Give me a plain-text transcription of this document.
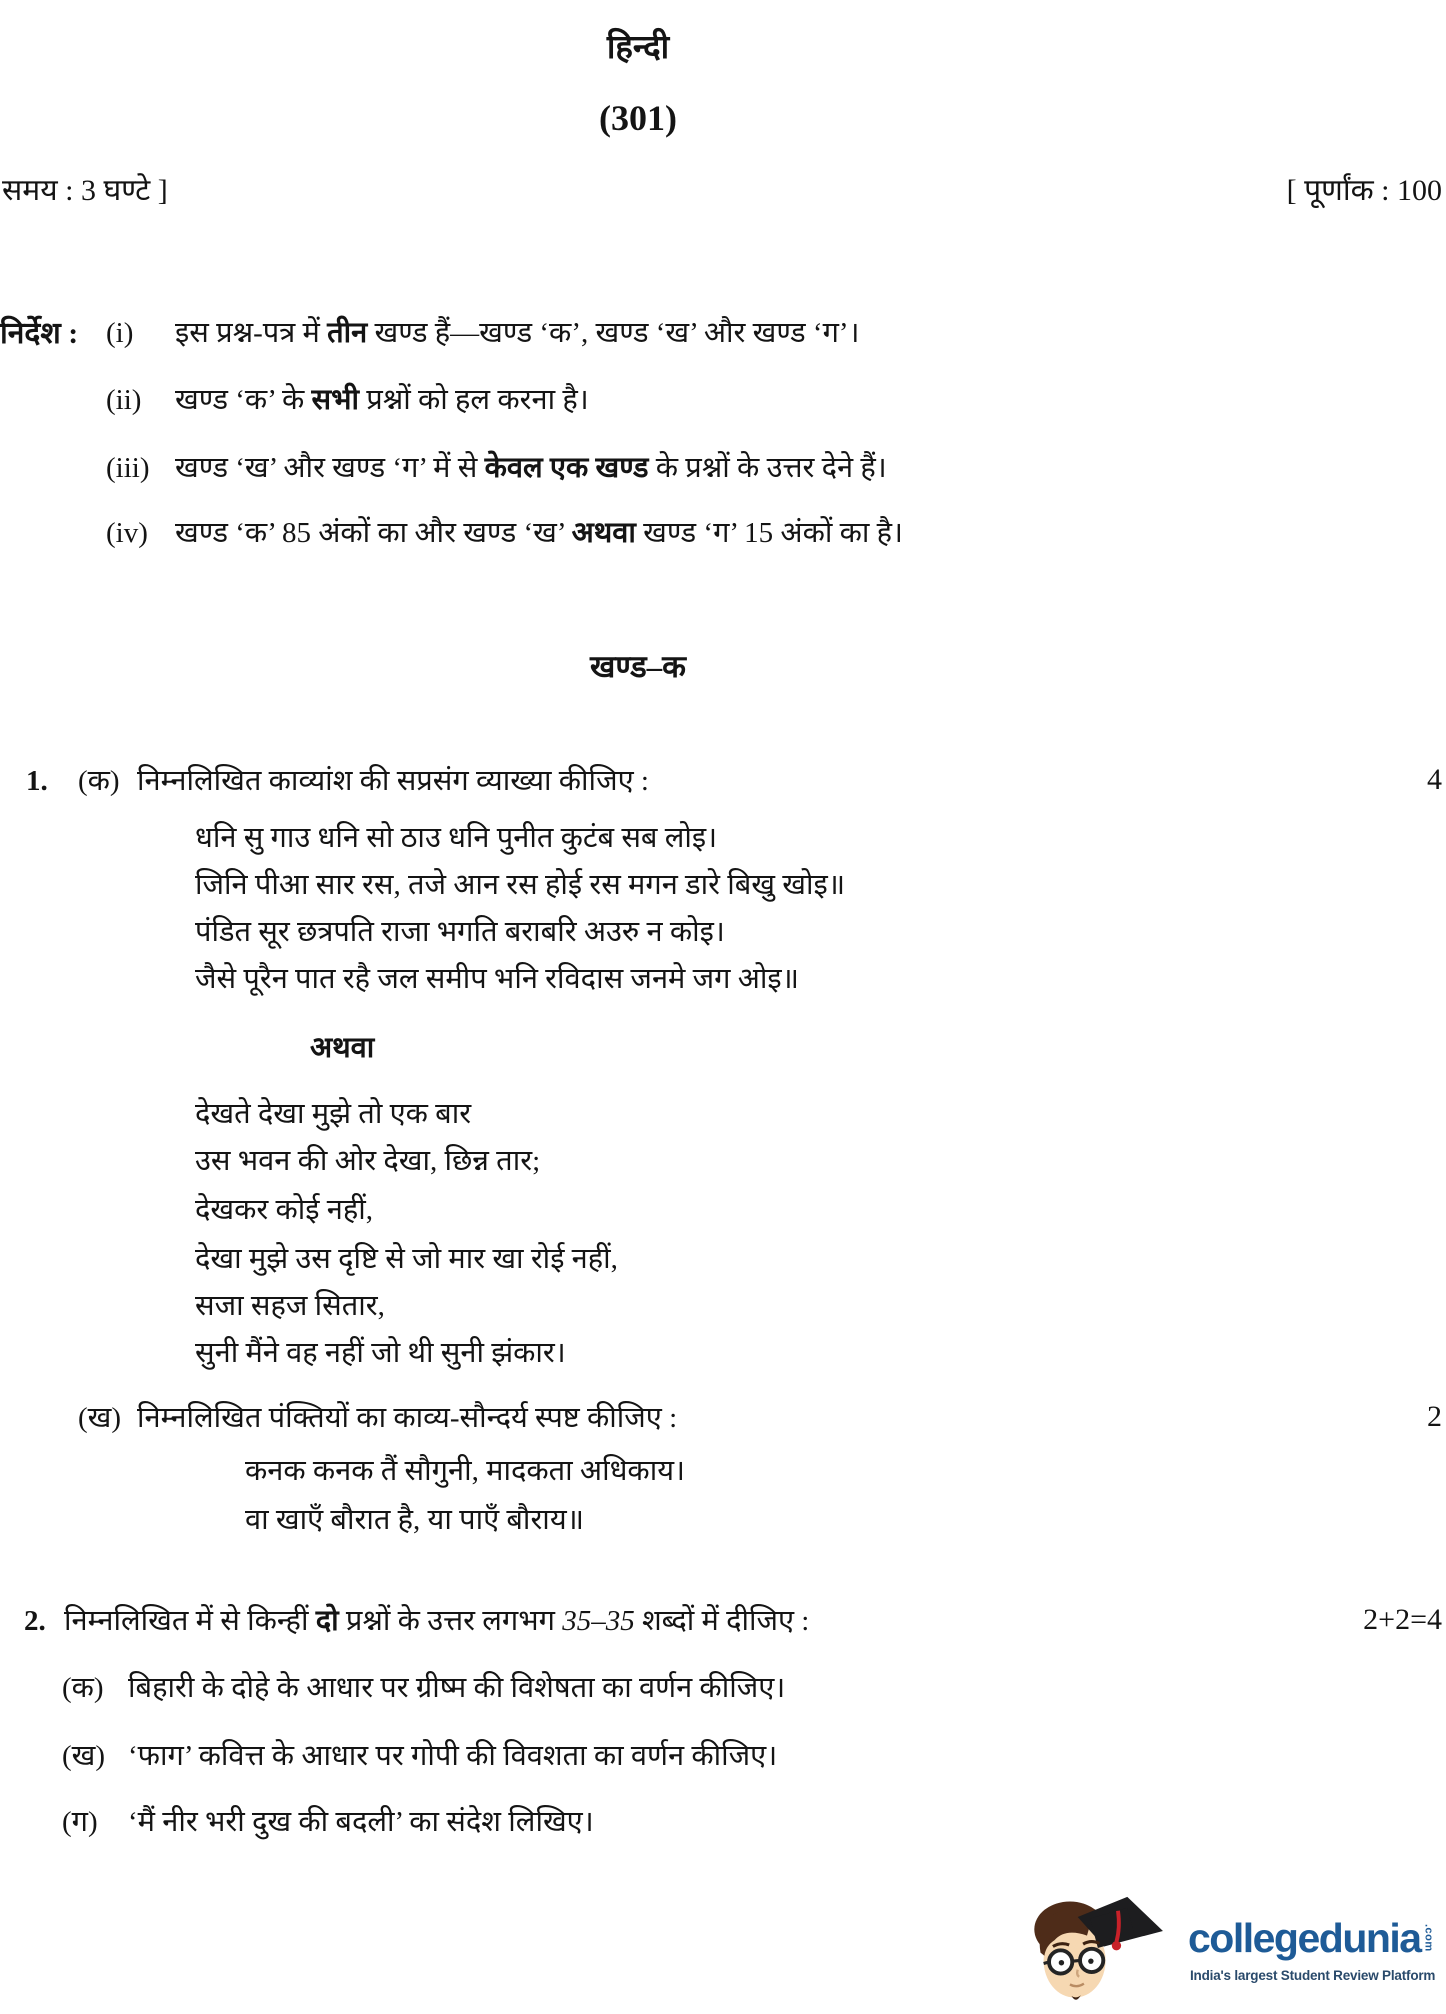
हिन्दी
(301)
समय : 3 घण्टे ]	[ पूर्णांक : 100
निर्देश : (i) इस प्रश्न-पत्र में तीन खण्ड हैं—खण्ड ‘क’, खण्ड ‘ख’ और खण्ड ‘ग’।
(ii) खण्ड ‘क’ के सभी प्रश्नों को हल करना है।
(iii) खण्ड ‘ख’ और खण्ड ‘ग’ में से केवल एक खण्ड के प्रश्नों के उत्तर देने हैं।
(iv) खण्ड ‘क’ 85 अंकों का और खण्ड ‘ख’ अथवा खण्ड ‘ग’ 15 अंकों का है।
खण्ड–क
1. (क) निम्नलिखित काव्यांश की सप्रसंग व्याख्या कीजिए :	4
धनि सु गाउ धनि सो ठाउ धनि पुनीत कुटंब सब लोइ।
जिनि पीआ सार रस, तजे आन रस होई रस मगन डारे बिखु खोइ॥
पंडित सूर छत्रपति राजा भगति बराबरि अउरु न कोइ।
जैसे पूरैन पात रहै जल समीप भनि रविदास जनमे जग ओइ॥
अथवा
देखते देखा मुझे तो एक बार
उस भवन की ओर देखा, छिन्न तार;
देखकर कोई नहीं,
देखा मुझे उस दृष्टि से जो मार खा रोई नहीं,
सजा सहज सितार,
सुनी मैंने वह नहीं जो थी सुनी झंकार।
(ख) निम्नलिखित पंक्तियों का काव्य-सौन्दर्य स्पष्ट कीजिए :	2
कनक कनक तैं सौगुनी, मादकता अधिकाय।
वा खाएँ बौरात है, या पाएँ बौराय॥
2. निम्नलिखित में से किन्हीं दो प्रश्नों के उत्तर लगभग 35–35 शब्दों में दीजिए :	2+2=4
(क) बिहारी के दोहे के आधार पर ग्रीष्म की विशेषता का वर्णन कीजिए।
(ख) ‘फाग’ कवित्त के आधार पर गोपी की विवशता का वर्णन कीजिए।
(ग) ‘मैं नीर भरी दुख की बदली’ का संदेश लिखिए।
collegedunia .com
India's largest Student Review Platform
